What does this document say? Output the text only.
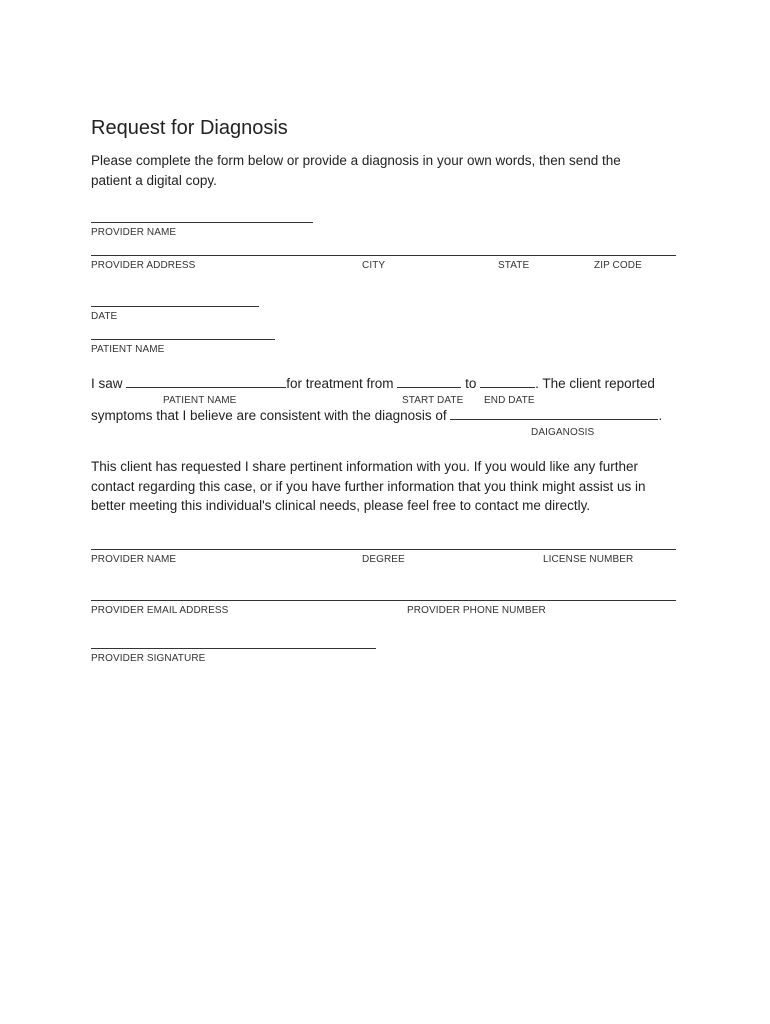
Request for Diagnosis
Please complete the form below or provide a diagnosis in your own words, then send the patient a digital copy.
PROVIDER NAME
PROVIDER ADDRESS	CITY	STATE	ZIP CODE
DATE
PATIENT NAME
I saw	for treatment from	to	. The client reported
PATIENT NAME	START DATE END DATE
symptoms that I believe are consistent with the diagnosis of	.
DAIGANOSIS
This client has requested I share pertinent information with you. If you would like any further contact regarding this case, or if you have further information that you think might assist us in better meeting this individual's clinical needs, please feel free to contact me directly.
PROVIDER NAME	DEGREE	LICENSE NUMBER
PROVIDER EMAIL ADDRESS	PROVIDER PHONE NUMBER
PROVIDER SIGNATURE
